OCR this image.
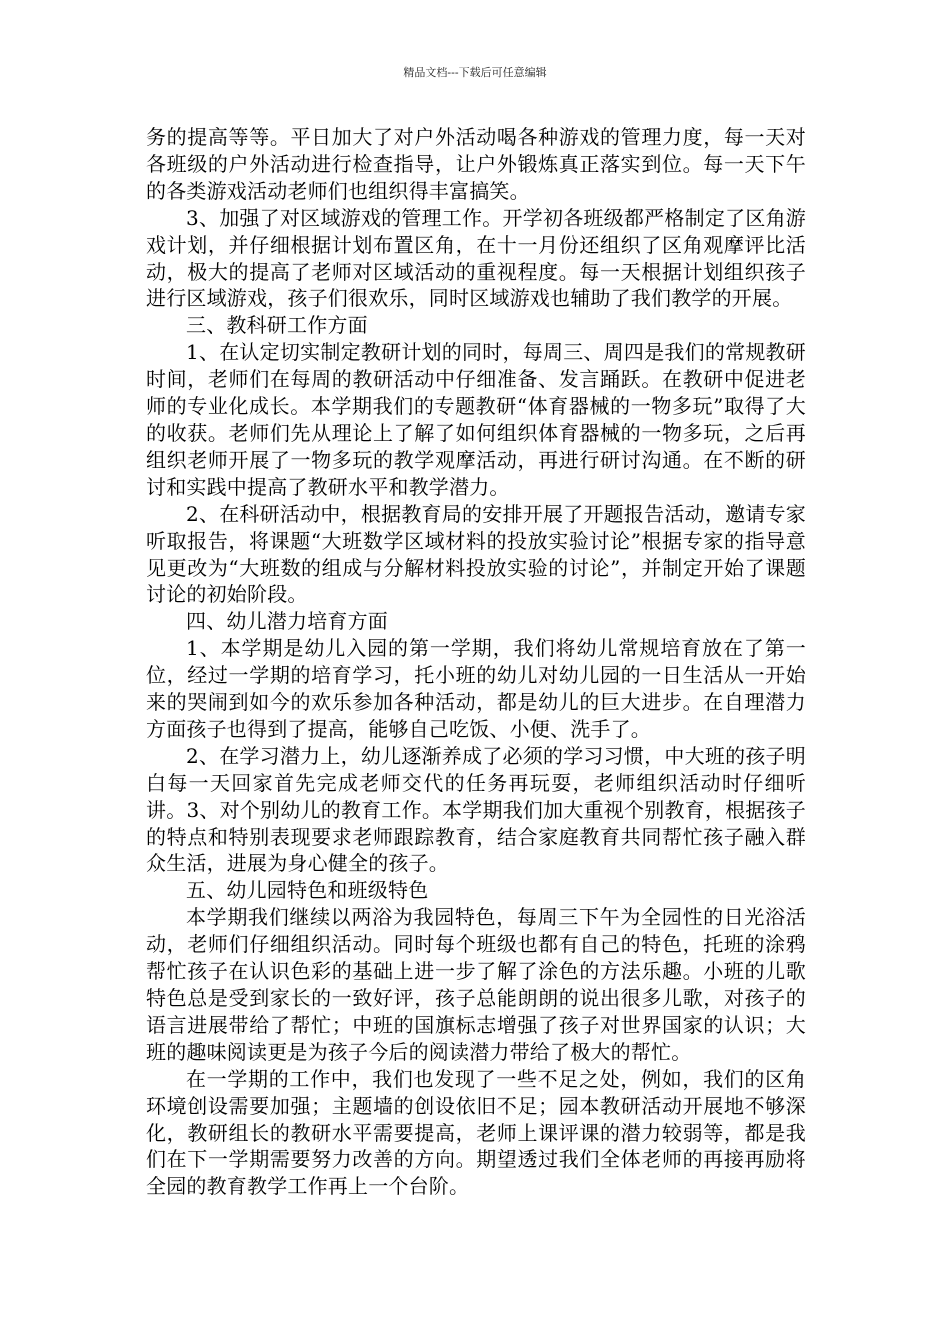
精品文档---下载后可任意编辑

务的提高等等。平日加大了对户外活动喝各种游戏的管理力度，每一天对各班级的户外活动进行检查指导，让户外锻炼真正落实到位。每一天下午的各类游戏活动老师们也组织得丰富搞笑。

3、加强了对区域游戏的管理工作。开学初各班级都严格制定了区角游戏计划，并仔细根据计划布置区角，在十一月份还组织了区角观摩评比活动，极大的提高了老师对区域活动的重视程度。每一天根据计划组织孩子进行区域游戏，孩子们很欢乐，同时区域游戏也辅助了我们教学的开展。

三、教科研工作方面

1、在认定切实制定教研计划的同时，每周三、周四是我们的常规教研时间，老师们在每周的教研活动中仔细准备、发言踊跃。在教研中促进老师的专业化成长。本学期我们的专题教研“体育器械的一物多玩”取得了大的收获。老师们先从理论上了解了如何组织体育器械的一物多玩，之后再组织老师开展了一物多玩的教学观摩活动，再进行研讨沟通。在不断的研讨和实践中提高了教研水平和教学潜力。

2、在科研活动中，根据教育局的安排开展了开题报告活动，邀请专家听取报告，将课题“大班数学区域材料的投放实验讨论”根据专家的指导意见更改为“大班数的组成与分解材料投放实验的讨论”，并制定开始了课题讨论的初始阶段。

四、幼儿潜力培育方面

1、本学期是幼儿入园的第一学期，我们将幼儿常规培育放在了第一位，经过一学期的培育学习，托小班的幼儿对幼儿园的一日生活从一开始来的哭闹到如今的欢乐参加各种活动，都是幼儿的巨大进步。在自理潜力方面孩子也得到了提高，能够自己吃饭、小便、洗手了。

2、在学习潜力上，幼儿逐渐养成了必须的学习习惯，中大班的孩子明白每一天回家首先完成老师交代的任务再玩耍，老师组织活动时仔细听讲。3、对个别幼儿的教育工作。本学期我们加大重视个别教育，根据孩子的特点和特别表现要求老师跟踪教育，结合家庭教育共同帮忙孩子融入群众生活，进展为身心健全的孩子。

五、幼儿园特色和班级特色

本学期我们继续以两浴为我园特色，每周三下午为全园性的日光浴活动，老师们仔细组织活动。同时每个班级也都有自己的特色，托班的涂鸦帮忙孩子在认识色彩的基础上进一步了解了涂色的方法乐趣。小班的儿歌特色总是受到家长的一致好评，孩子总能朗朗的说出很多儿歌，对孩子的语言进展带给了帮忙；中班的国旗标志增强了孩子对世界国家的认识；大班的趣味阅读更是为孩子今后的阅读潜力带给了极大的帮忙。

在一学期的工作中，我们也发现了一些不足之处，例如，我们的区角环境创设需要加强；主题墙的创设依旧不足；园本教研活动开展地不够深化，教研组长的教研水平需要提高，老师上课评课的潜力较弱等，都是我们在下一学期需要努力改善的方向。期望透过我们全体老师的再接再励将全园的教育教学工作再上一个台阶。
